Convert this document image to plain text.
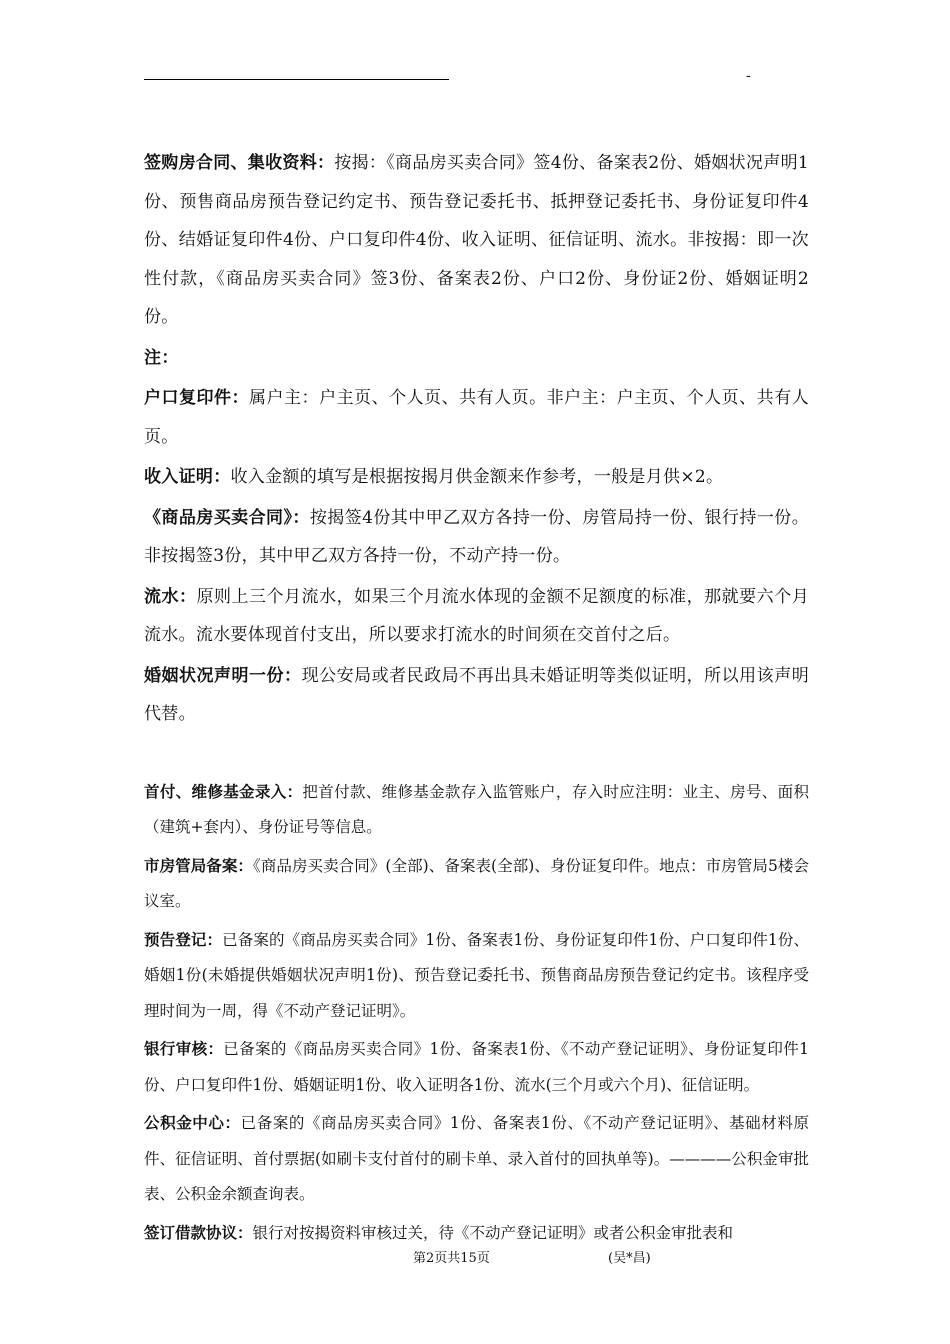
-

签购房合同、集收资料：按揭：《商品房买卖合同》签4份、备案表2份、婚姻状况声明1份、预售商品房预告登记约定书、预告登记委托书、抵押登记委托书、身份证复印件4份、结婚证复印件4份、户口复印件4份、收入证明、征信证明、流水。非按揭：即一次性付款，《商品房买卖合同》签3份、备案表2份、户口2份、身份证2份、婚姻证明2份。

注：

户口复印件：属户主：户主页、个人页、共有人页。非户主：户主页、个人页、共有人页。

收入证明：收入金额的填写是根据按揭月供金额来作参考，一般是月供×2。

《商品房买卖合同》：按揭签4份其中甲乙双方各持一份、房管局持一份、银行持一份。非按揭签3份，其中甲乙双方各持一份，不动产持一份。

流水：原则上三个月流水，如果三个月流水体现的金额不足额度的标准，那就要六个月流水。流水要体现首付支出，所以要求打流水的时间须在交首付之后。

婚姻状况声明一份：现公安局或者民政局不再出具未婚证明等类似证明，所以用该声明代替。

首付、维修基金录入：把首付款、维修基金款存入监管账户，存入时应注明：业主、房号、面积（建筑+套内）、身份证号等信息。

市房管局备案：《商品房买卖合同》(全部)、备案表(全部)、身份证复印件。地点：市房管局5楼会议室。

预告登记：已备案的《商品房买卖合同》1份、备案表1份、身份证复印件1份、户口复印件1份、婚姻1份(未婚提供婚姻状况声明1份)、预告登记委托书、预售商品房预告登记约定书。该程序受理时间为一周，得《不动产登记证明》。

银行审核：已备案的《商品房买卖合同》1份、备案表1份、《不动产登记证明》、身份证复印件1份、户口复印件1份、婚姻证明1份、收入证明各1份、流水(三个月或六个月)、征信证明。

公积金中心：已备案的《商品房买卖合同》1份、备案表1份、《不动产登记证明》、基础材料原件、征信证明、首付票据(如刷卡支付首付的刷卡单、录入首付的回执单等)。————公积金审批表、公积金余额查询表。

签订借款协议：银行对按揭资料审核过关，待《不动产登记证明》或者公积金审批表和

第2页共15页	(吴*昌)
